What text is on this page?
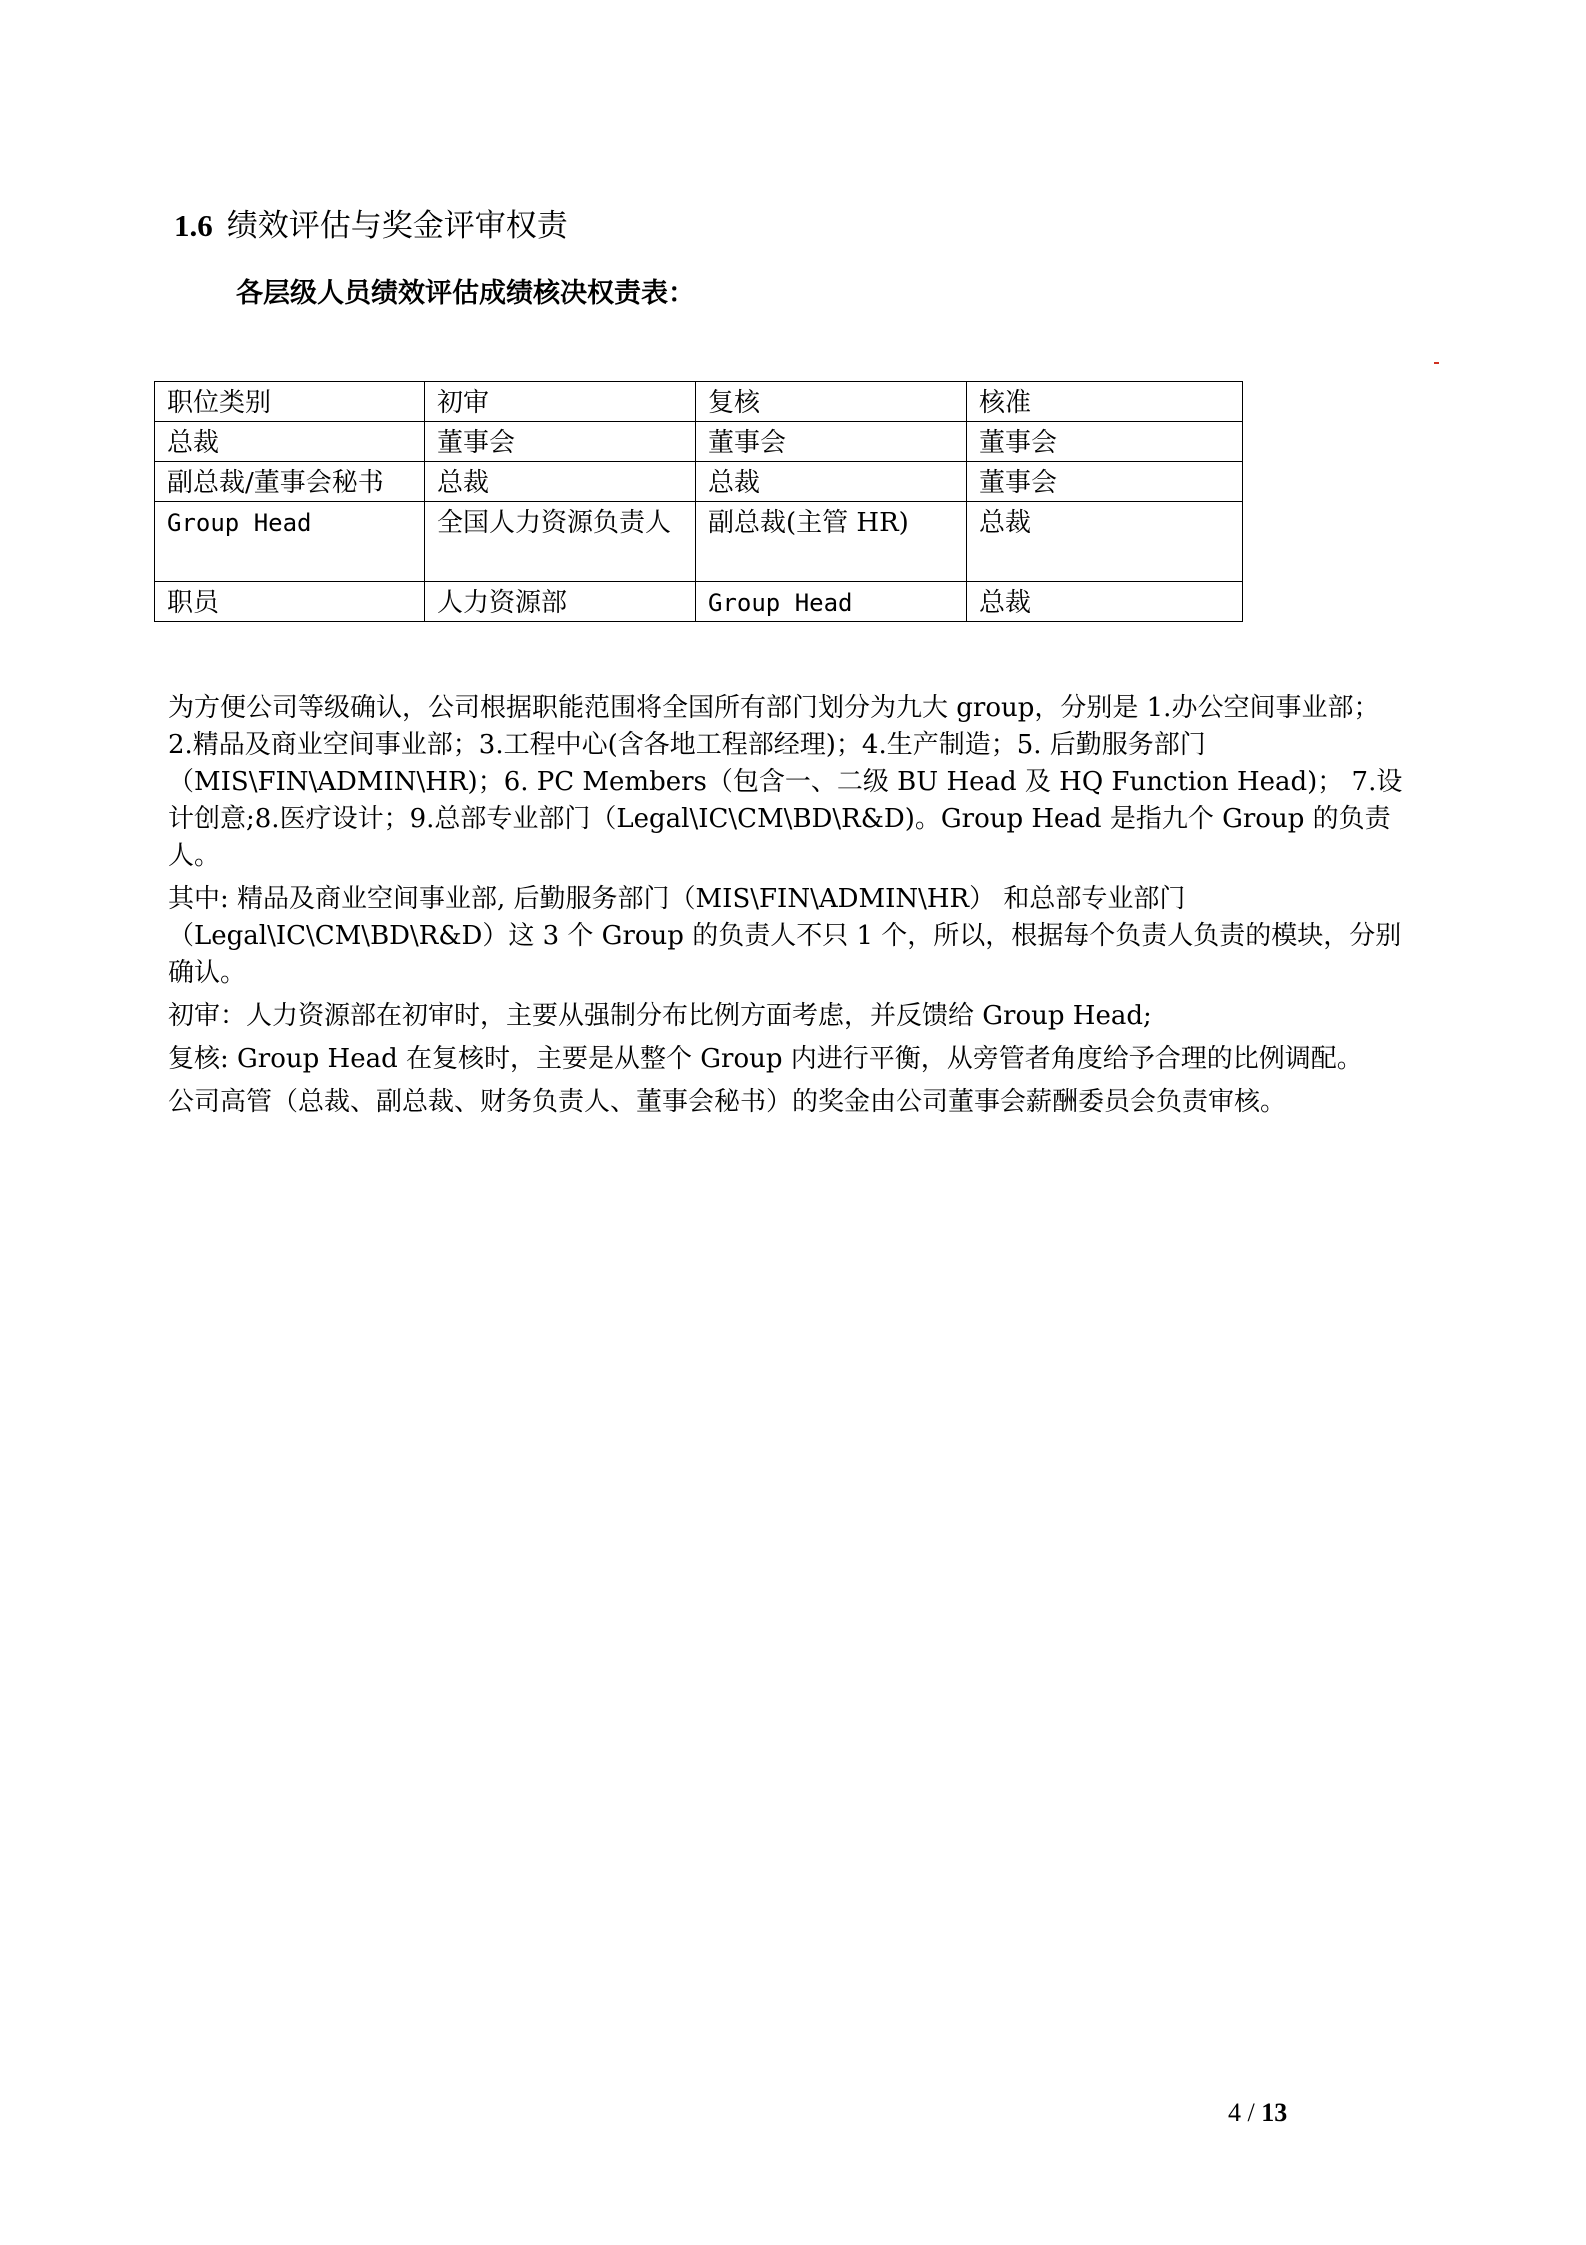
1.6 绩效评估与奖金评审权责
各层级人员绩效评估成绩核决权责表：
职位类别	初审	复核	核准
总裁	董事会	董事会	董事会
副总裁/董事会秘书	总裁	总裁	董事会
Group Head	全国人力资源负责人	副总裁(主管 HR)	总裁
职员	人力资源部	Group Head	总裁

为方便公司等级确认，公司根据职能范围将全国所有部门划分为九大 group，分别是 1.办公空间事业部；2.精品及商业空间事业部；3.工程中心(含各地工程部经理)；4.生产制造；5. 后勤服务部门（MIS\FIN\ADMIN\HR)；6. PC Members（包含一、二级 BU Head 及 HQ Function Head)； 7.设计创意;8.医疗设计；9.总部专业部门（Legal\IC\CM\BD\R&D)。Group Head 是指九个 Group 的负责人。

其中: 精品及商业空间事业部, 后勤服务部门（MIS\FIN\ADMIN\HR） 和总部专业部门（Legal\IC\CM\BD\R&D）这 3 个 Group 的负责人不只 1 个，所以，根据每个负责人负责的模块，分别确认。

初审：人力资源部在初审时，主要从强制分布比例方面考虑，并反馈给 Group Head;

复核: Group Head 在复核时，主要是从整个 Group 内进行平衡，从旁管者角度给予合理的比例调配。

公司高管（总裁、副总裁、财务负责人、董事会秘书）的奖金由公司董事会薪酬委员会负责审核。

4 / 13
